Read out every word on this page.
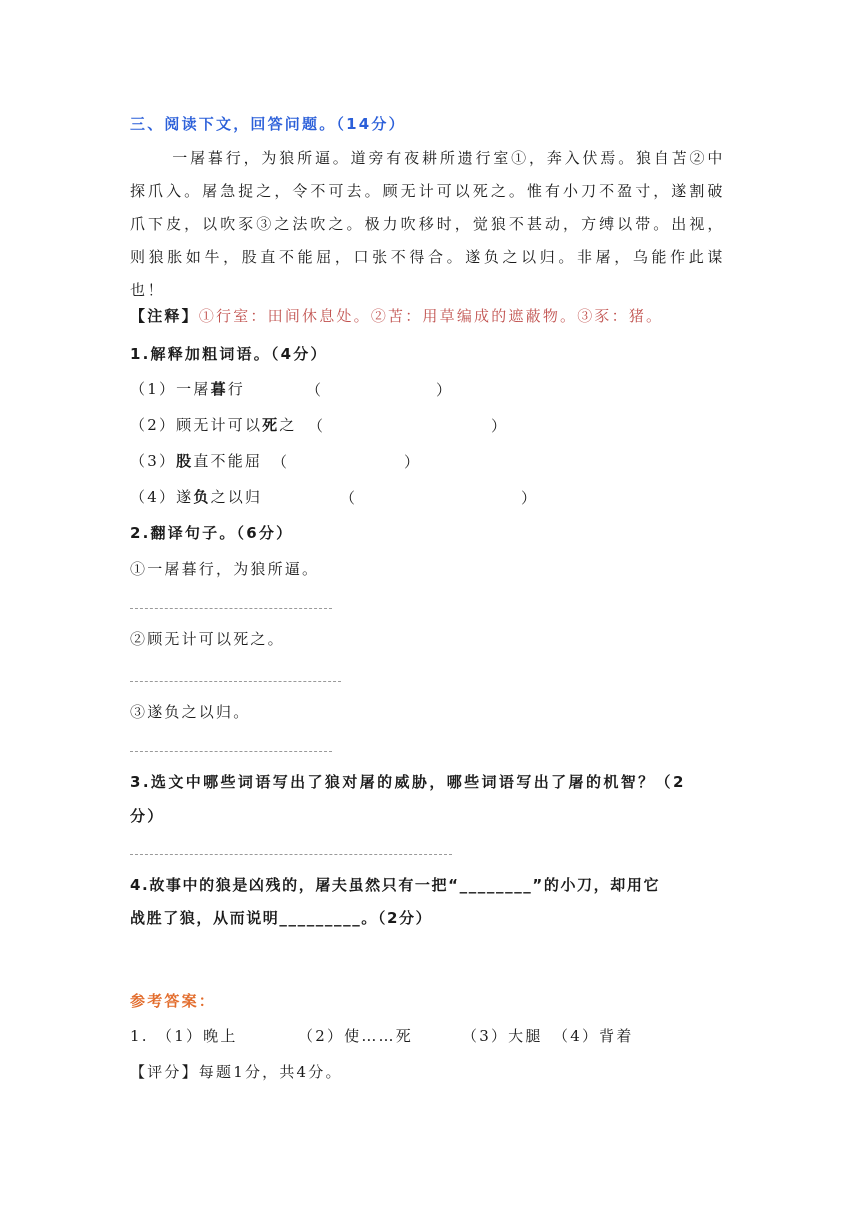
三、阅读下文，回答问题。（14分）
一屠暮行，为狼所逼。道旁有夜耕所遗行室①，奔入伏焉。狼自苫②中探爪入。屠急捉之，令不可去。顾无计可以死之。惟有小刀不盈寸，遂割破爪下皮，以吹豕③之法吹之。极力吹移时，觉狼不甚动，方缚以带。出视，则狼胀如牛，股直不能屈，口张不得合。遂负之以归。非屠，乌能作此谋也！
【注释】①行室：田间休息处。②苫：用草编成的遮蔽物。③豕：猪。
1.解释加粗词语。（4分）
（1）一屠暮行	（	）
（2）顾无计可以死之 （	）
（3）股直不能屈 （	）
（4）遂负之以归	（	）
2.翻译句子。（6分）
①一屠暮行，为狼所逼。
②顾无计可以死之。
③遂负之以归。
3.选文中哪些词语写出了狼对屠的威胁，哪些词语写出了屠的机智？（2
分）
4.故事中的狼是凶残的，屠夫虽然只有一把“________”的小刀，却用它
战胜了狼，从而说明_________。（2分）
参考答案：
1. （1）晚上	（2）使……死	（3）大腿 （4）背着
【评分】每题1分，共4分。
